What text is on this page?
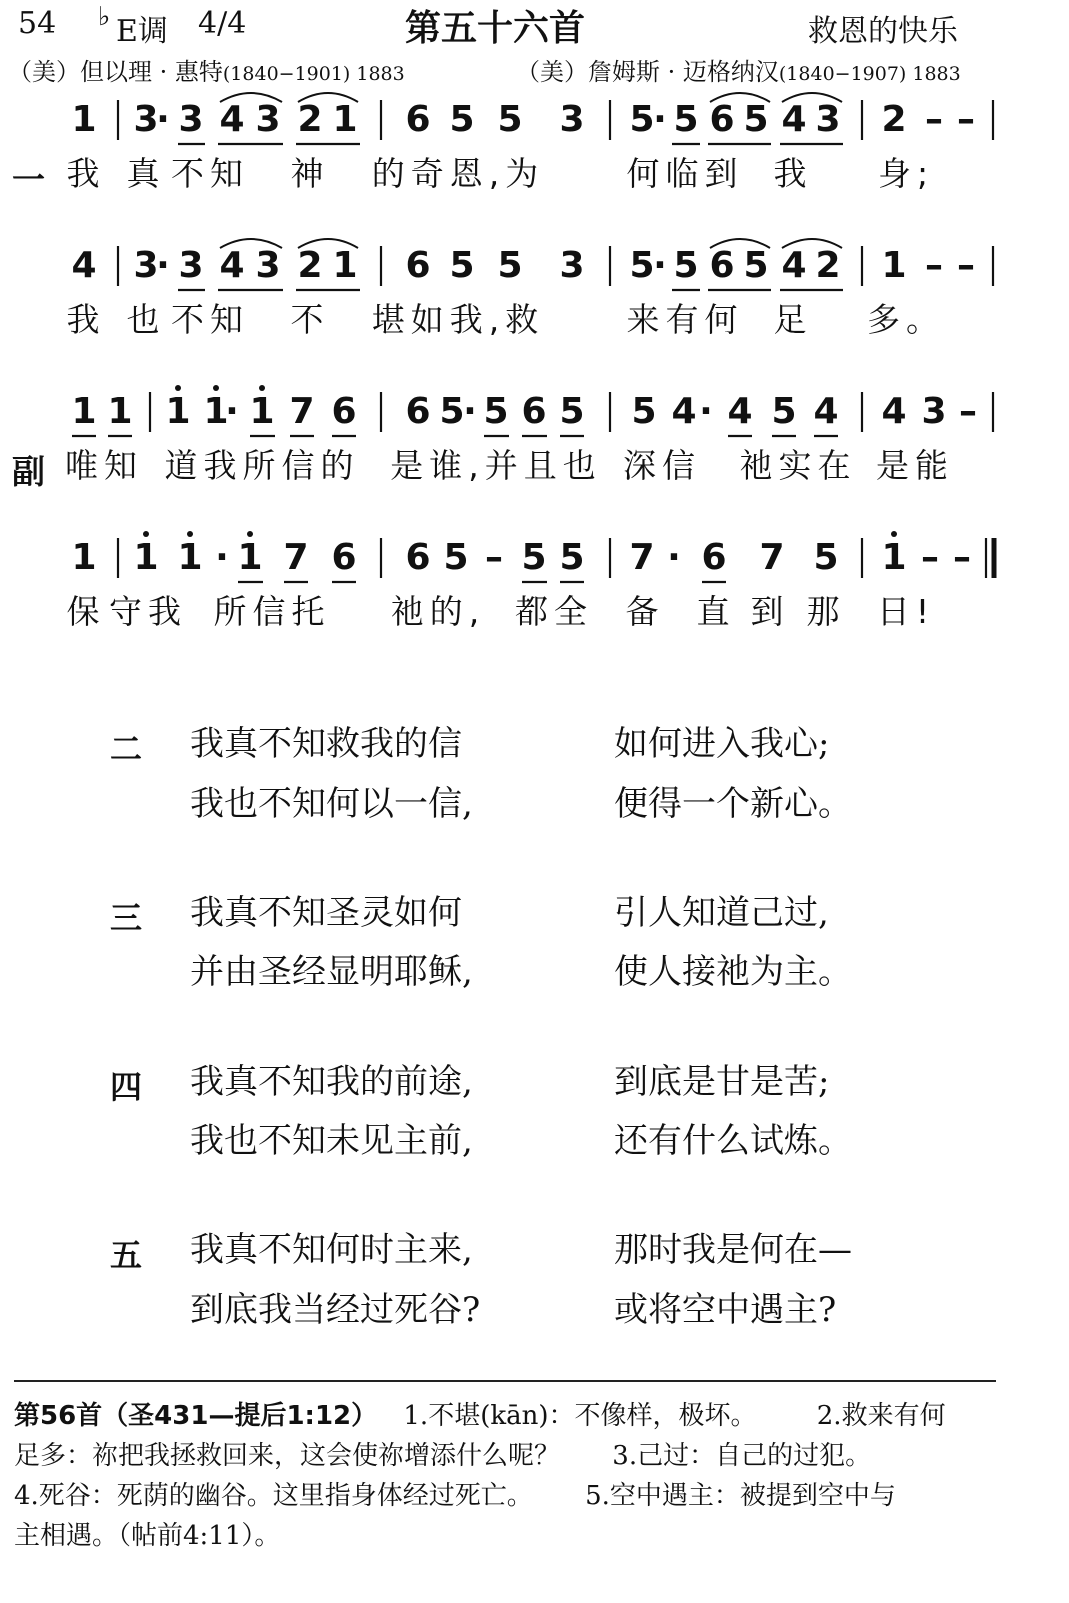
54 ♭ E调 4/4	第五十六首	救恩的快乐
（美）但以理 · 惠特(1840−1901) 1883	（美）詹姆斯 · 迈格纳汉(1840−1907) 1883
一
1 3
· 3 4 3 2 1 6 5 5 3 5
· 5 6 5 4 3 2 – –
我 真 不知 神 的奇恩,为 何临到 我 身;
4 3
· 3 4 3 2 1 6 5 5 3 5
· 5 6 5 4 2 1 – –
我 也 不知 不 堪如我,救 来有何 足 多。
副
1 1 1 1
· 1 7 6 6 5
· 5 6 5 5 4 · 4 5 4 4 3 –
唯知 道我所信的 是谁,并且也 深信 祂实在 是能
1 1 1 · 1 7 6 6 5 – 5 5 7 · 6 7 5 1 – –
保 守我 所信托 祂的, 都全 备 直 到 那 日!
二 我真不知救我的信	如何进入我心;
我也不知何以一信,	便得一个新心。
三 我真不知圣灵如何	引人知道己过,
并由圣经显明耶稣,	使人接祂为主。
四 我真不知我的前途,	到底是甘是苦;
我也不知未见主前,	还有什么试炼。
五 我真不知何时主来,	那时我是何在—
到底我当经过死谷?	或将空中遇主?
第56首（圣431—提后1:12） 1.不堪(kān)：不像样，极坏。 2.救来有何
足多：祢把我拯救回来，这会使祢增添什么呢？ 3.己过：自己的过犯。
4.死谷：死荫的幽谷。这里指身体经过死亡。 5.空中遇主：被提到空中与
主相遇。（帖前4:11）。
